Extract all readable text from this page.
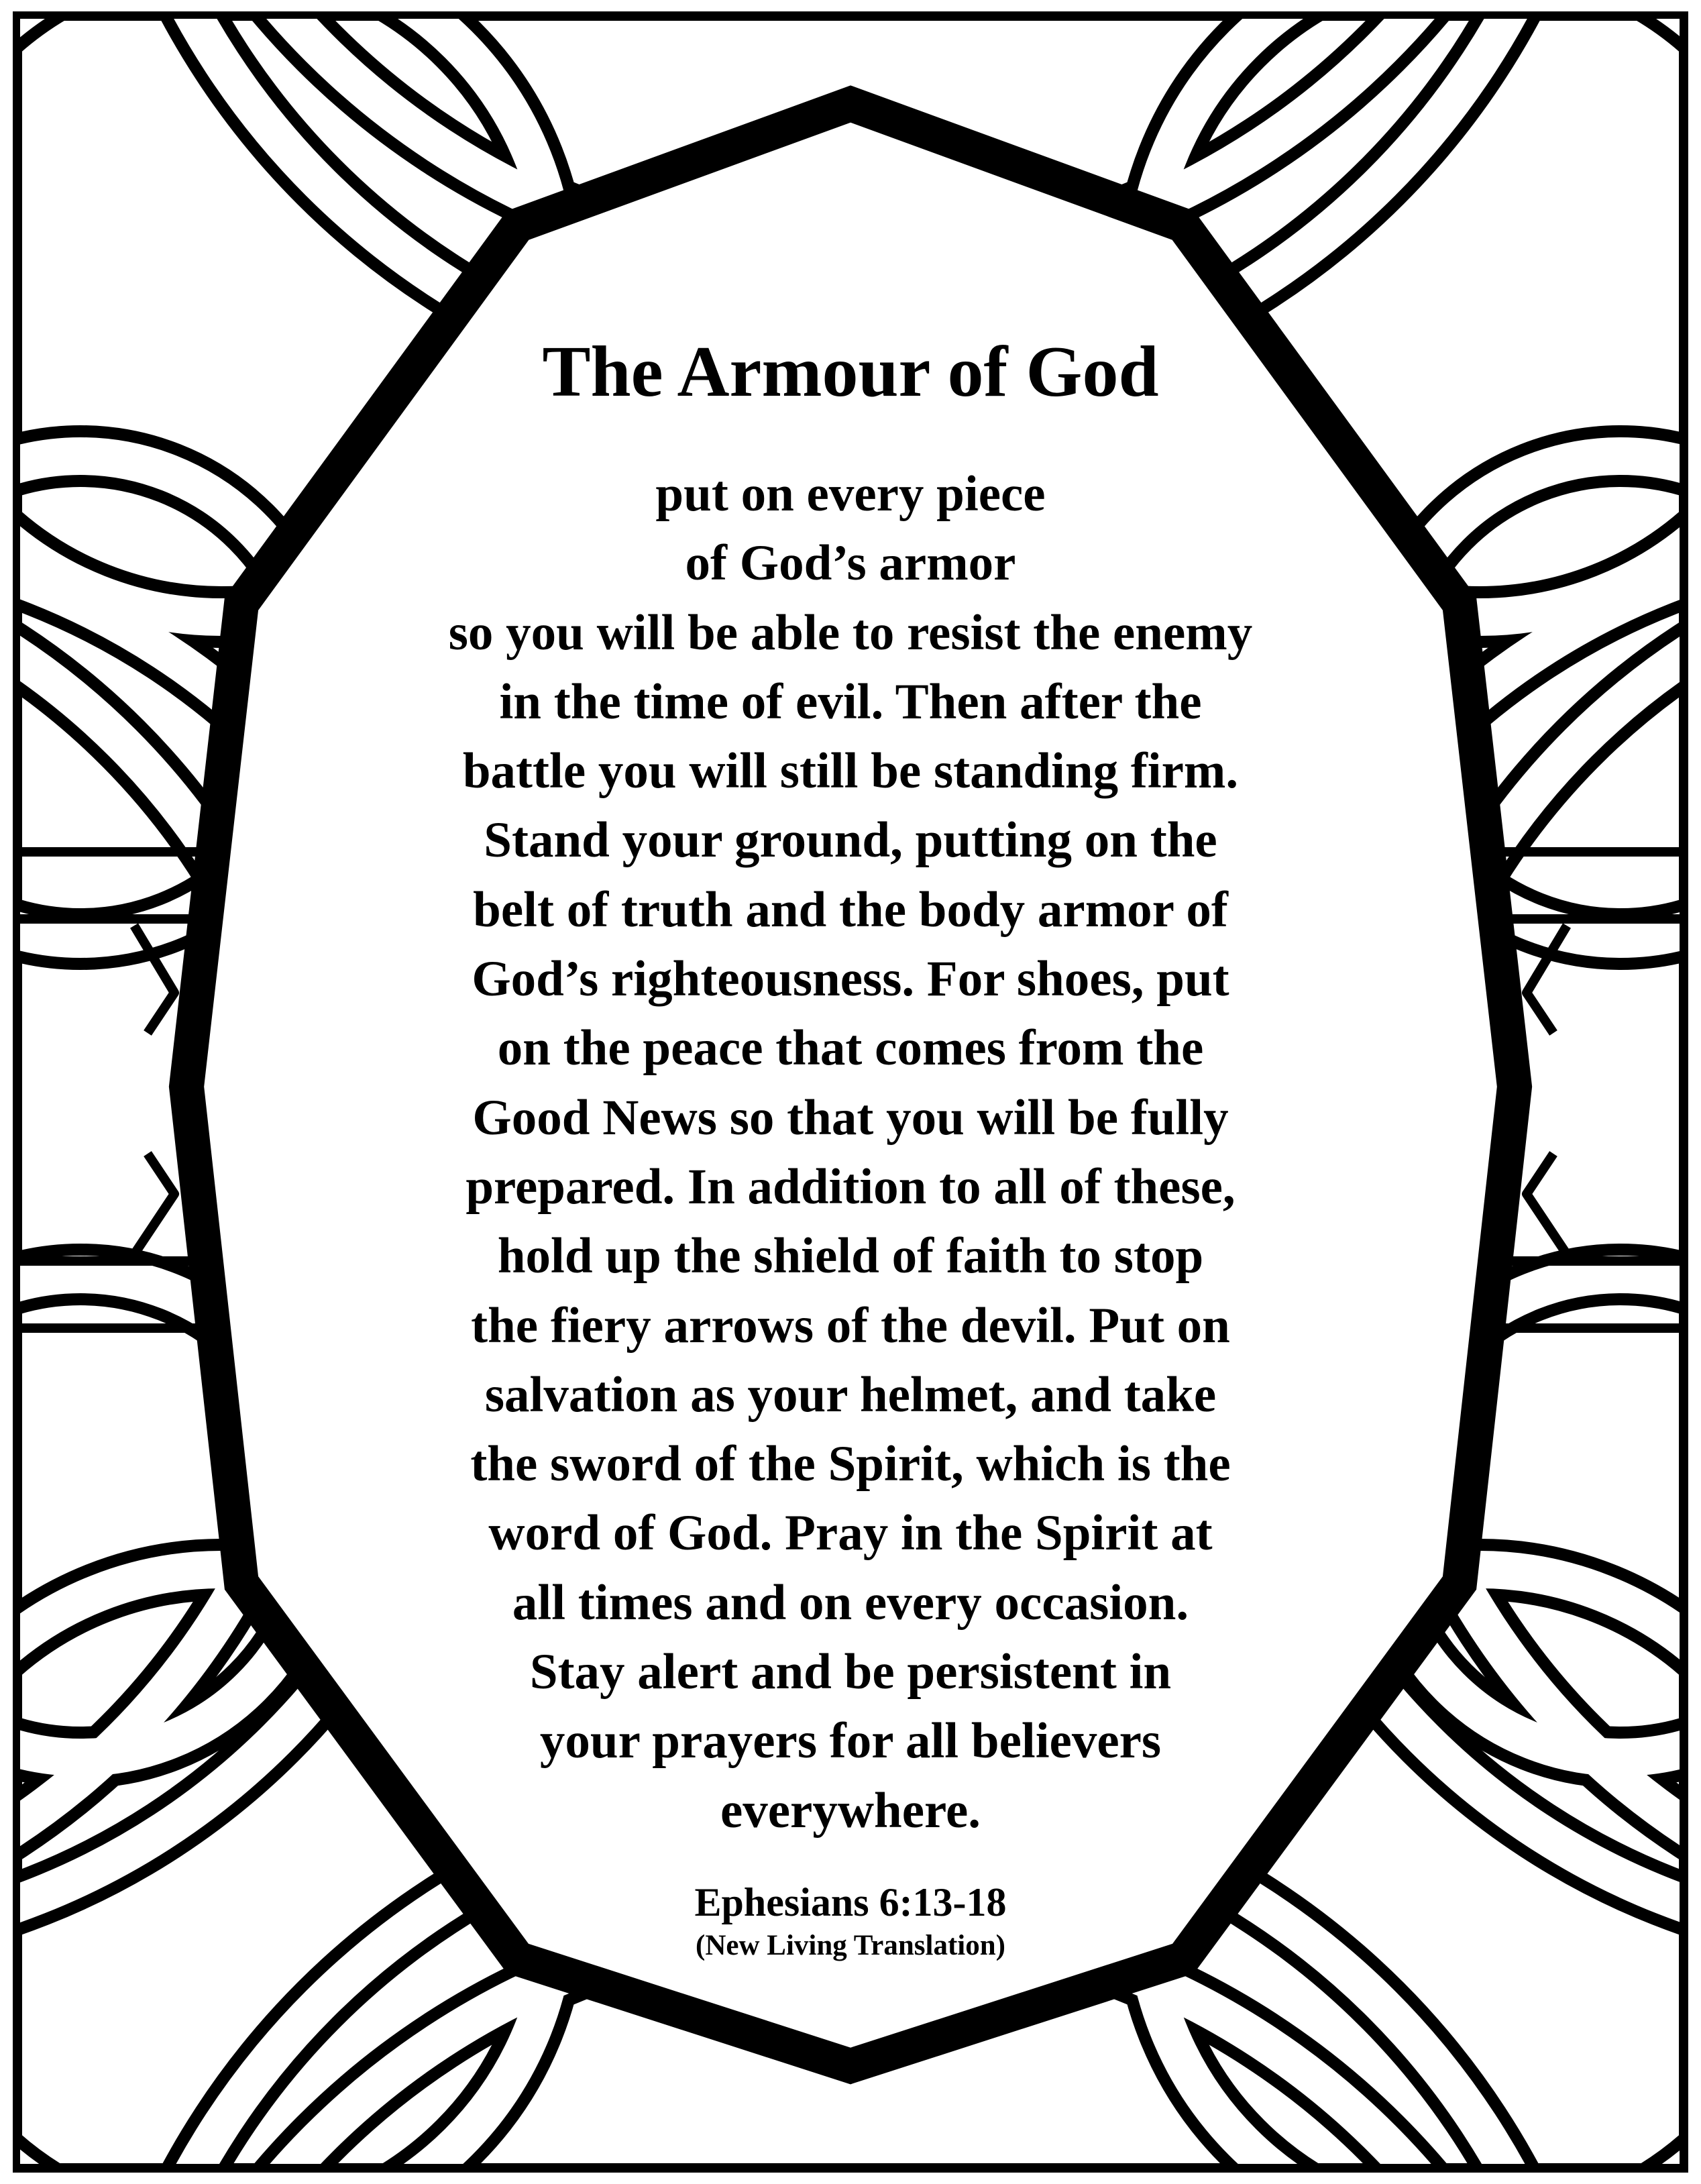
The Armour of God
put on every piece
of God’s armor
so you will be able to resist the enemy
in the time of evil. Then after the
battle you will still be standing firm.
Stand your ground, putting on the
belt of truth and the body armor of
God’s righteousness. For shoes, put
on the peace that comes from the
Good News so that you will be fully
prepared. In addition to all of these,
hold up the shield of faith to stop
the fiery arrows of the devil. Put on
salvation as your helmet, and take
the sword of the Spirit, which is the
word of God. Pray in the Spirit at
all times and on every occasion.
Stay alert and be persistent in
your prayers for all believers
everywhere.
Ephesians 6:13-18
(New Living Translation)
